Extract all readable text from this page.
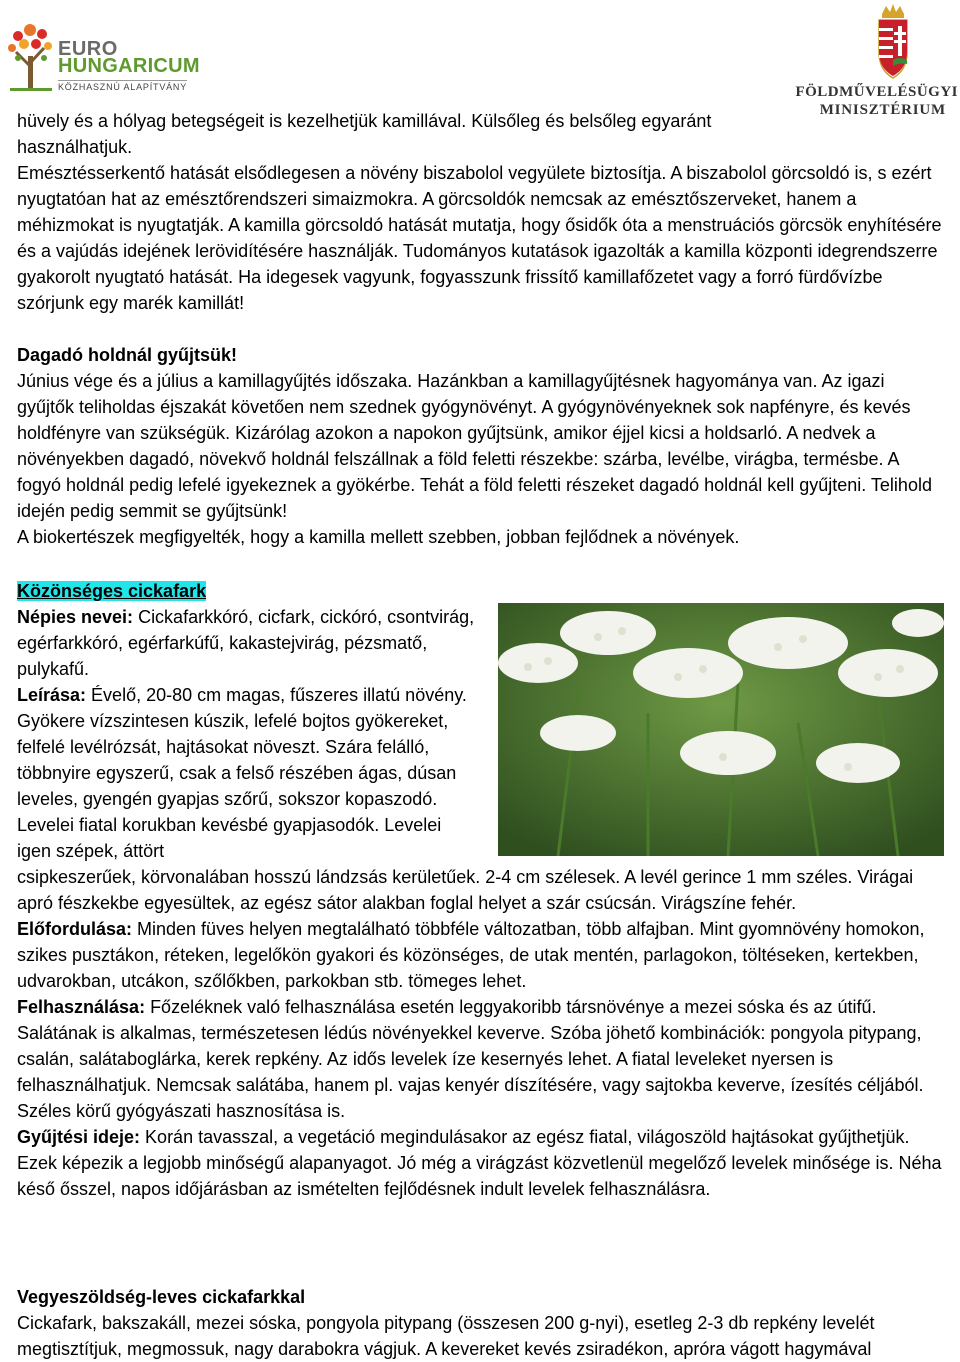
EURO
HUNGARICUM
KÖZHASZNÚ ALAPÍTVÁNY	FÖLDMŰVELÉSÜGYI
MINISZTÉRIUM

hüvely és a hólyag betegségeit is kezelhetjük kamillával. Külsőleg és belsőleg egyaránt használhatjuk.

Emésztésserkentő hatását elsődlegesen a növény biszabolol vegyülete biztosítja. A biszabolol görcsoldó is, s ezért nyugtatóan hat az emésztőrendszeri simaizmokra. A görcsoldók nemcsak az emésztőszerveket, hanem a méhizmokat is nyugtatják. A kamilla görcsoldó hatását mutatja, hogy ősidők óta a menstruációs görcsök enyhítésére és a vajúdás idejének lerövidítésére használják. Tudományos kutatások igazolták a kamilla központi idegrendszerre gyakorolt nyugtató hatását. Ha idegesek vagyunk, fogyasszunk frissítő kamillafőzetet vagy a forró fürdővízbe szórjunk egy marék kamillát!

Dagadó holdnál gyűjtsük!

Június vége és a július a kamillagyűjtés időszaka. Hazánkban a kamillagyűjtésnek hagyománya van. Az igazi gyűjtők teliholdas éjszakát követően nem szednek gyógynövényt. A gyógynövényeknek sok napfényre, és kevés holdfényre van szükségük. Kizárólag azokon a napokon gyűjtsünk, amikor éjjel kicsi a holdsarló. A nedvek a növényekben dagadó, növekvő holdnál felszállnak a föld feletti részekbe: szárba, levélbe, virágba, termésbe. A fogyó holdnál pedig lefelé igyekeznek a gyökérbe. Tehát a föld feletti részeket dagadó holdnál kell gyűjteni. Telihold idején pedig semmit se gyűjtsünk!

A biokertészek megfigyelték, hogy a kamilla mellett szebben, jobban fejlődnek a növények.

Közönséges cickafark

Népies nevei: Cickafarkkóró, cicfark, cickóró, csontvirág, egérfarkkóró, egérfarkúfű, kakastejvirág, pézsmatő, pulykafű.

Leírása: Évelő, 20-80 cm magas, fűszeres illatú növény. Gyökere vízszintesen kúszik, lefelé bojtos gyökereket, felfelé levélrózsát, hajtásokat növeszt. Szára felálló, többnyire egyszerű, csak a felső részében ágas, dúsan leveles, gyengén gyapjas szőrű, sokszor kopaszodó. Levelei fiatal korukban kevésbé gyapjasodók. Levelei igen szépek, áttört

csipkeszerűek, körvonalában hosszú lándzsás kerületűek. 2-4 cm szélesek. A levél gerince 1 mm széles. Virágai apró fészkekbe egyesültek, az egész sátor alakban foglal helyet a szár csúcsán. Virágszíne fehér.

Előfordulása: Minden füves helyen megtalálható többféle változatban, több alfajban. Mint gyomnövény homokon, szikes pusztákon, réteken, legelőkön gyakori és közönséges, de utak mentén, parlagokon, töltéseken, kertekben, udvarokban, utcákon, szőlőkben, parkokban stb. tömeges lehet.

Felhasználása: Főzeléknek való felhasználása esetén leggyakoribb társnövénye a mezei sóska és az útifű. Salátának is alkalmas, természetesen lédús növényekkel keverve. Szóba jöhető kombinációk: pongyola pitypang, csalán, salátaboglárka, kerek repkény. Az idős levelek íze kesernyés lehet. A fiatal leveleket nyersen is felhasználhatjuk. Nemcsak salátába, hanem pl. vajas kenyér díszítésére, vagy sajtokba keverve, ízesítés céljából. Széles körű gyógyászati hasznosítása is.

Gyűjtési ideje: Korán tavasszal, a vegetáció megindulásakor az egész fiatal, világoszöld hajtásokat gyűjthetjük. Ezek képezik a legjobb minőségű alapanyagot. Jó még a virágzást közvetlenül megelőző levelek minősége is. Néha késő ősszel, napos időjárásban az ismételten fejlődésnek indult levelek felhasználásra.

Vegyeszöldség-leves cickafarkkal

Cickafark, bakszakáll, mezei sóska, pongyola pitypang (összesen 200 g-nyi), esetleg 2-3 db repkény levelét megtisztítjuk, megmossuk, nagy darabokra vágjuk. A kevereket kevés zsiradékon, apróra vágott hagymával
